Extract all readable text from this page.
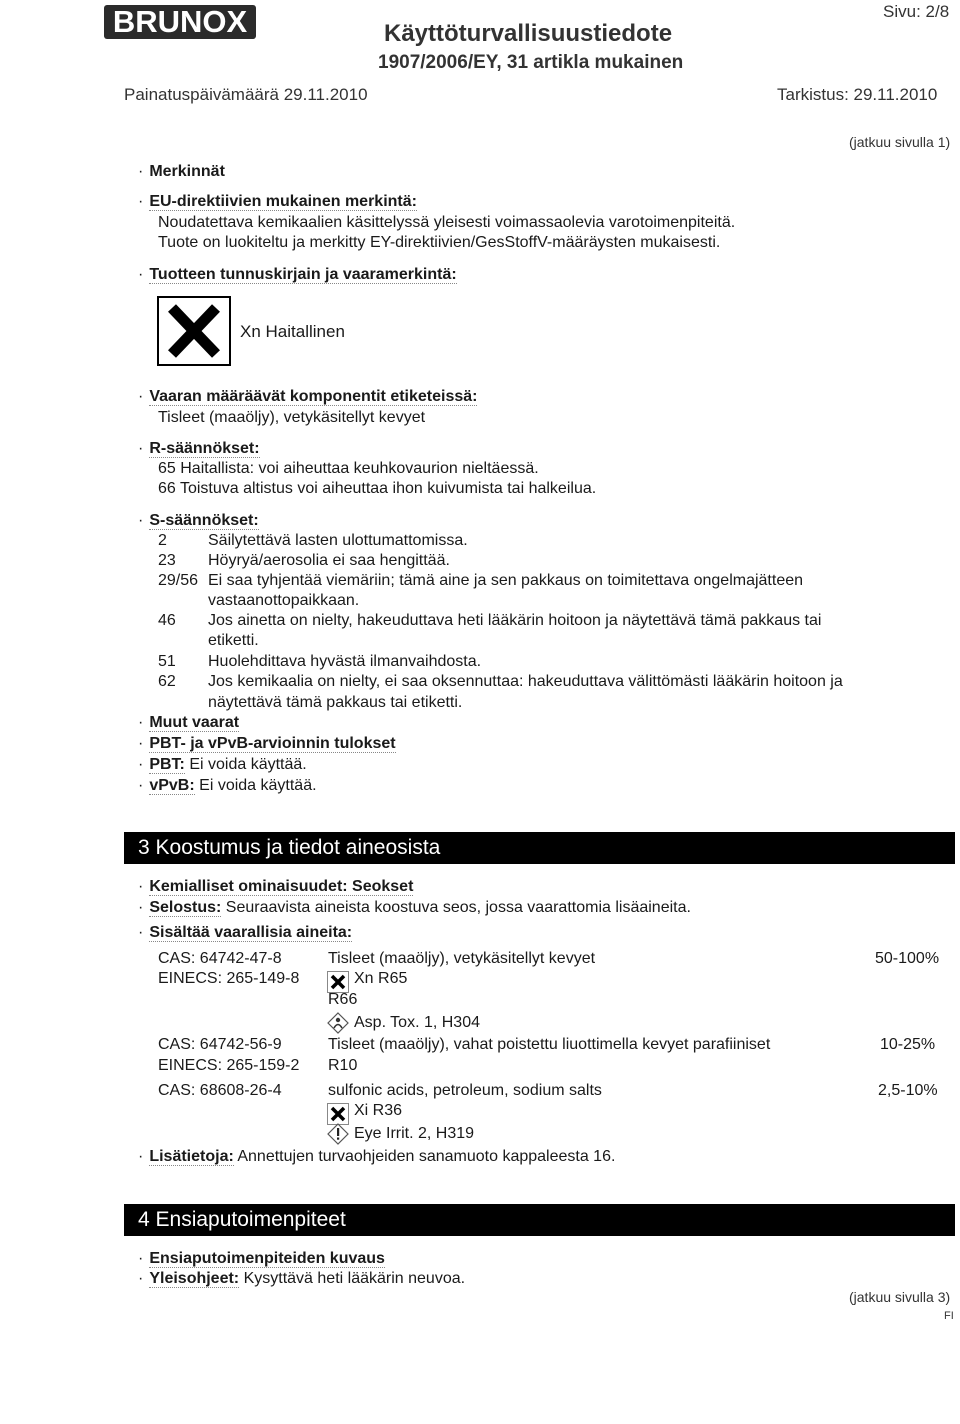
BRUNOX	Käyttöturvallisuustiedote
1907/2006/EY, 31 artikla mukainen
Sivu: 2/8
Painatuspäivämäärä 29.11.2010	Tarkistus: 29.11.2010
(jatkuu sivulla 1)
· Merkinnät
· EU-direktiivien mukainen merkintä:
Noudatettava kemikaalien käsittelyssä yleisesti voimassaolevia varotoimenpiteitä.
Tuote on luokiteltu ja merkitty EY-direktiivien/GesStoffV-määräysten mukaisesti.
· Tuotteen tunnuskirjain ja vaaramerkintä:
Xn Haitallinen
· Vaaran määräävät komponentit etiketeissä:
Tisleet (maaöljy), vetykäsitellyt kevyet
· R-säännökset:
65 Haitallista: voi aiheuttaa keuhkovaurion nieltäessä.
66 Toistuva altistus voi aiheuttaa ihon kuivumista tai halkeilua.
· S-säännökset:
2	Säilytettävä lasten ulottumattomissa.
23 Höyryä/aerosolia ei saa hengittää.
29/56 Ei saa tyhjentää viemäriin; tämä aine ja sen pakkaus on toimitettava ongelmajätteen
vastaanottopaikkaan.
46 Jos ainetta on nielty, hakeuduttava heti lääkärin hoitoon ja näytettävä tämä pakkaus tai
etiketti.
51 Huolehdittava hyvästä ilmanvaihdosta.
62 Jos kemikaalia on nielty, ei saa oksennuttaa: hakeuduttava välittömästi lääkärin hoitoon ja
näytettävä tämä pakkaus tai etiketti.
· Muut vaarat
· PBT- ja vPvB-arvioinnin tulokset
· PBT: Ei voida käyttää.
· vPvB: Ei voida käyttää.
3 Koostumus ja tiedot aineosista
· Kemialliset ominaisuudet: Seokset
· Selostus: Seuraavista aineista koostuva seos, jossa vaarattomia lisäaineita.
· Sisältää vaarallisia aineita:
CAS: 64742-47-8	Tisleet (maaöljy), vetykäsitellyt kevyet	50-100%
EINECS: 265-149-8	Xn R65
R66
Asp. Tox. 1, H304
CAS: 64742-56-9	Tisleet (maaöljy), vahat poistettu liuottimella kevyet parafiiniset	10-25%
EINECS: 265-159-2 R10
CAS: 68608-26-4	sulfonic acids, petroleum, sodium salts	2,5-10%
Xi R36
Eye Irrit. 2, H319
· Lisätietoja: Annettujen turvaohjeiden sanamuoto kappaleesta 16.
4 Ensiaputoimenpiteet
· Ensiaputoimenpiteiden kuvaus
· Yleisohjeet: Kysyttävä heti lääkärin neuvoa.
(jatkuu sivulla 3)
FI
